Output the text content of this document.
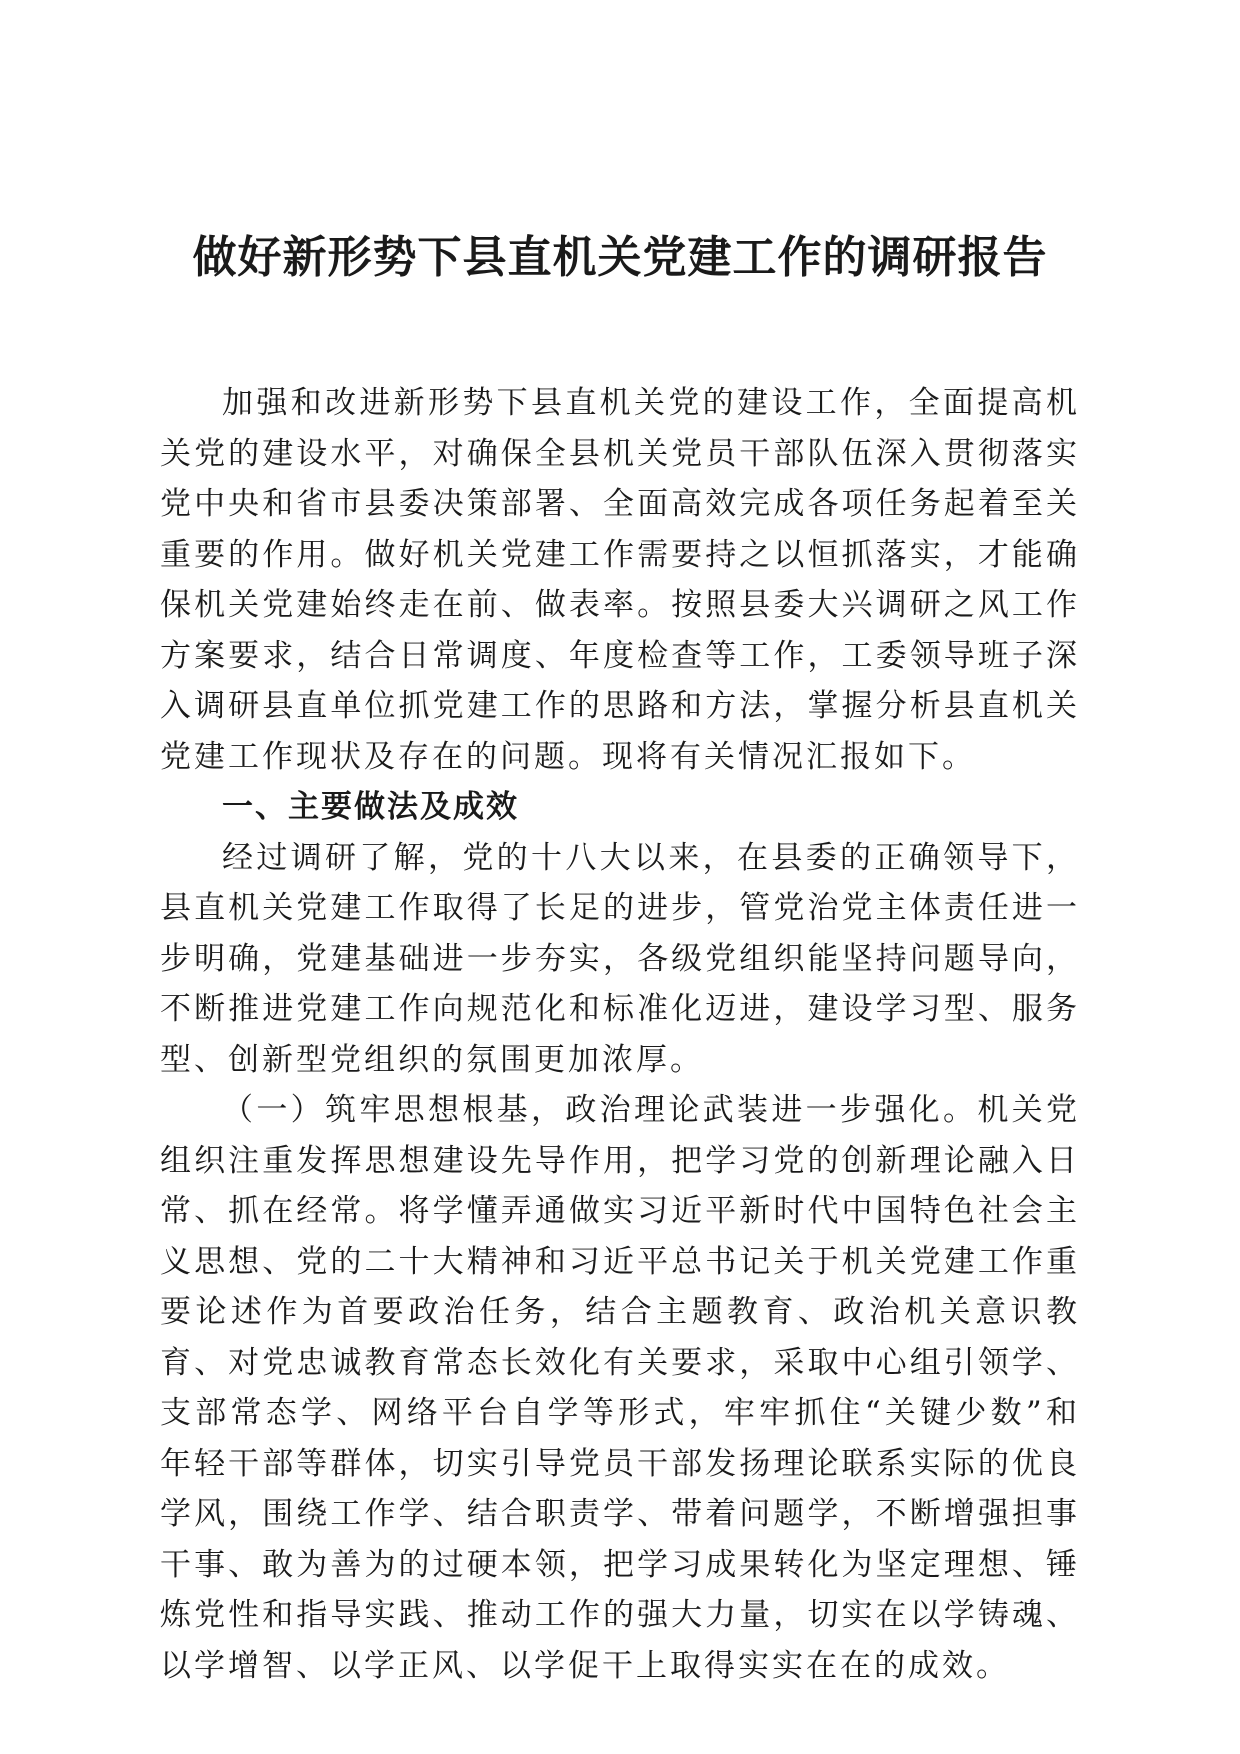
做好新形势下县直机关党建工作的调研报告

加强和改进新形势下县直机关党的建设工作，全面提高机关党的建设水平，对确保全县机关党员干部队伍深入贯彻落实党中央和省市县委决策部署、全面高效完成各项任务起着至关重要的作用。做好机关党建工作需要持之以恒抓落实，才能确保机关党建始终走在前、做表率。按照县委大兴调研之风工作方案要求，结合日常调度、年度检查等工作，工委领导班子深入调研县直单位抓党建工作的思路和方法，掌握分析县直机关党建工作现状及存在的问题。现将有关情况汇报如下。

一、主要做法及成效

经过调研了解，党的十八大以来，在县委的正确领导下，县直机关党建工作取得了长足的进步，管党治党主体责任进一步明确，党建基础进一步夯实，各级党组织能坚持问题导向，不断推进党建工作向规范化和标准化迈进，建设学习型、服务型、创新型党组织的氛围更加浓厚。

（一）筑牢思想根基，政治理论武装进一步强化。机关党组织注重发挥思想建设先导作用，把学习党的创新理论融入日常、抓在经常。将学懂弄通做实习近平新时代中国特色社会主义思想、党的二十大精神和习近平总书记关于机关党建工作重要论述作为首要政治任务，结合主题教育、政治机关意识教育、对党忠诚教育常态长效化有关要求，采取中心组引领学、支部常态学、网络平台自学等形式，牢牢抓住“关键少数”和年轻干部等群体，切实引导党员干部发扬理论联系实际的优良学风，围绕工作学、结合职责学、带着问题学，不断增强担事干事、敢为善为的过硬本领，把学习成果转化为坚定理想、锤炼党性和指导实践、推动工作的强大力量，切实在以学铸魂、以学增智、以学正风、以学促干上取得实实在在的成效。
